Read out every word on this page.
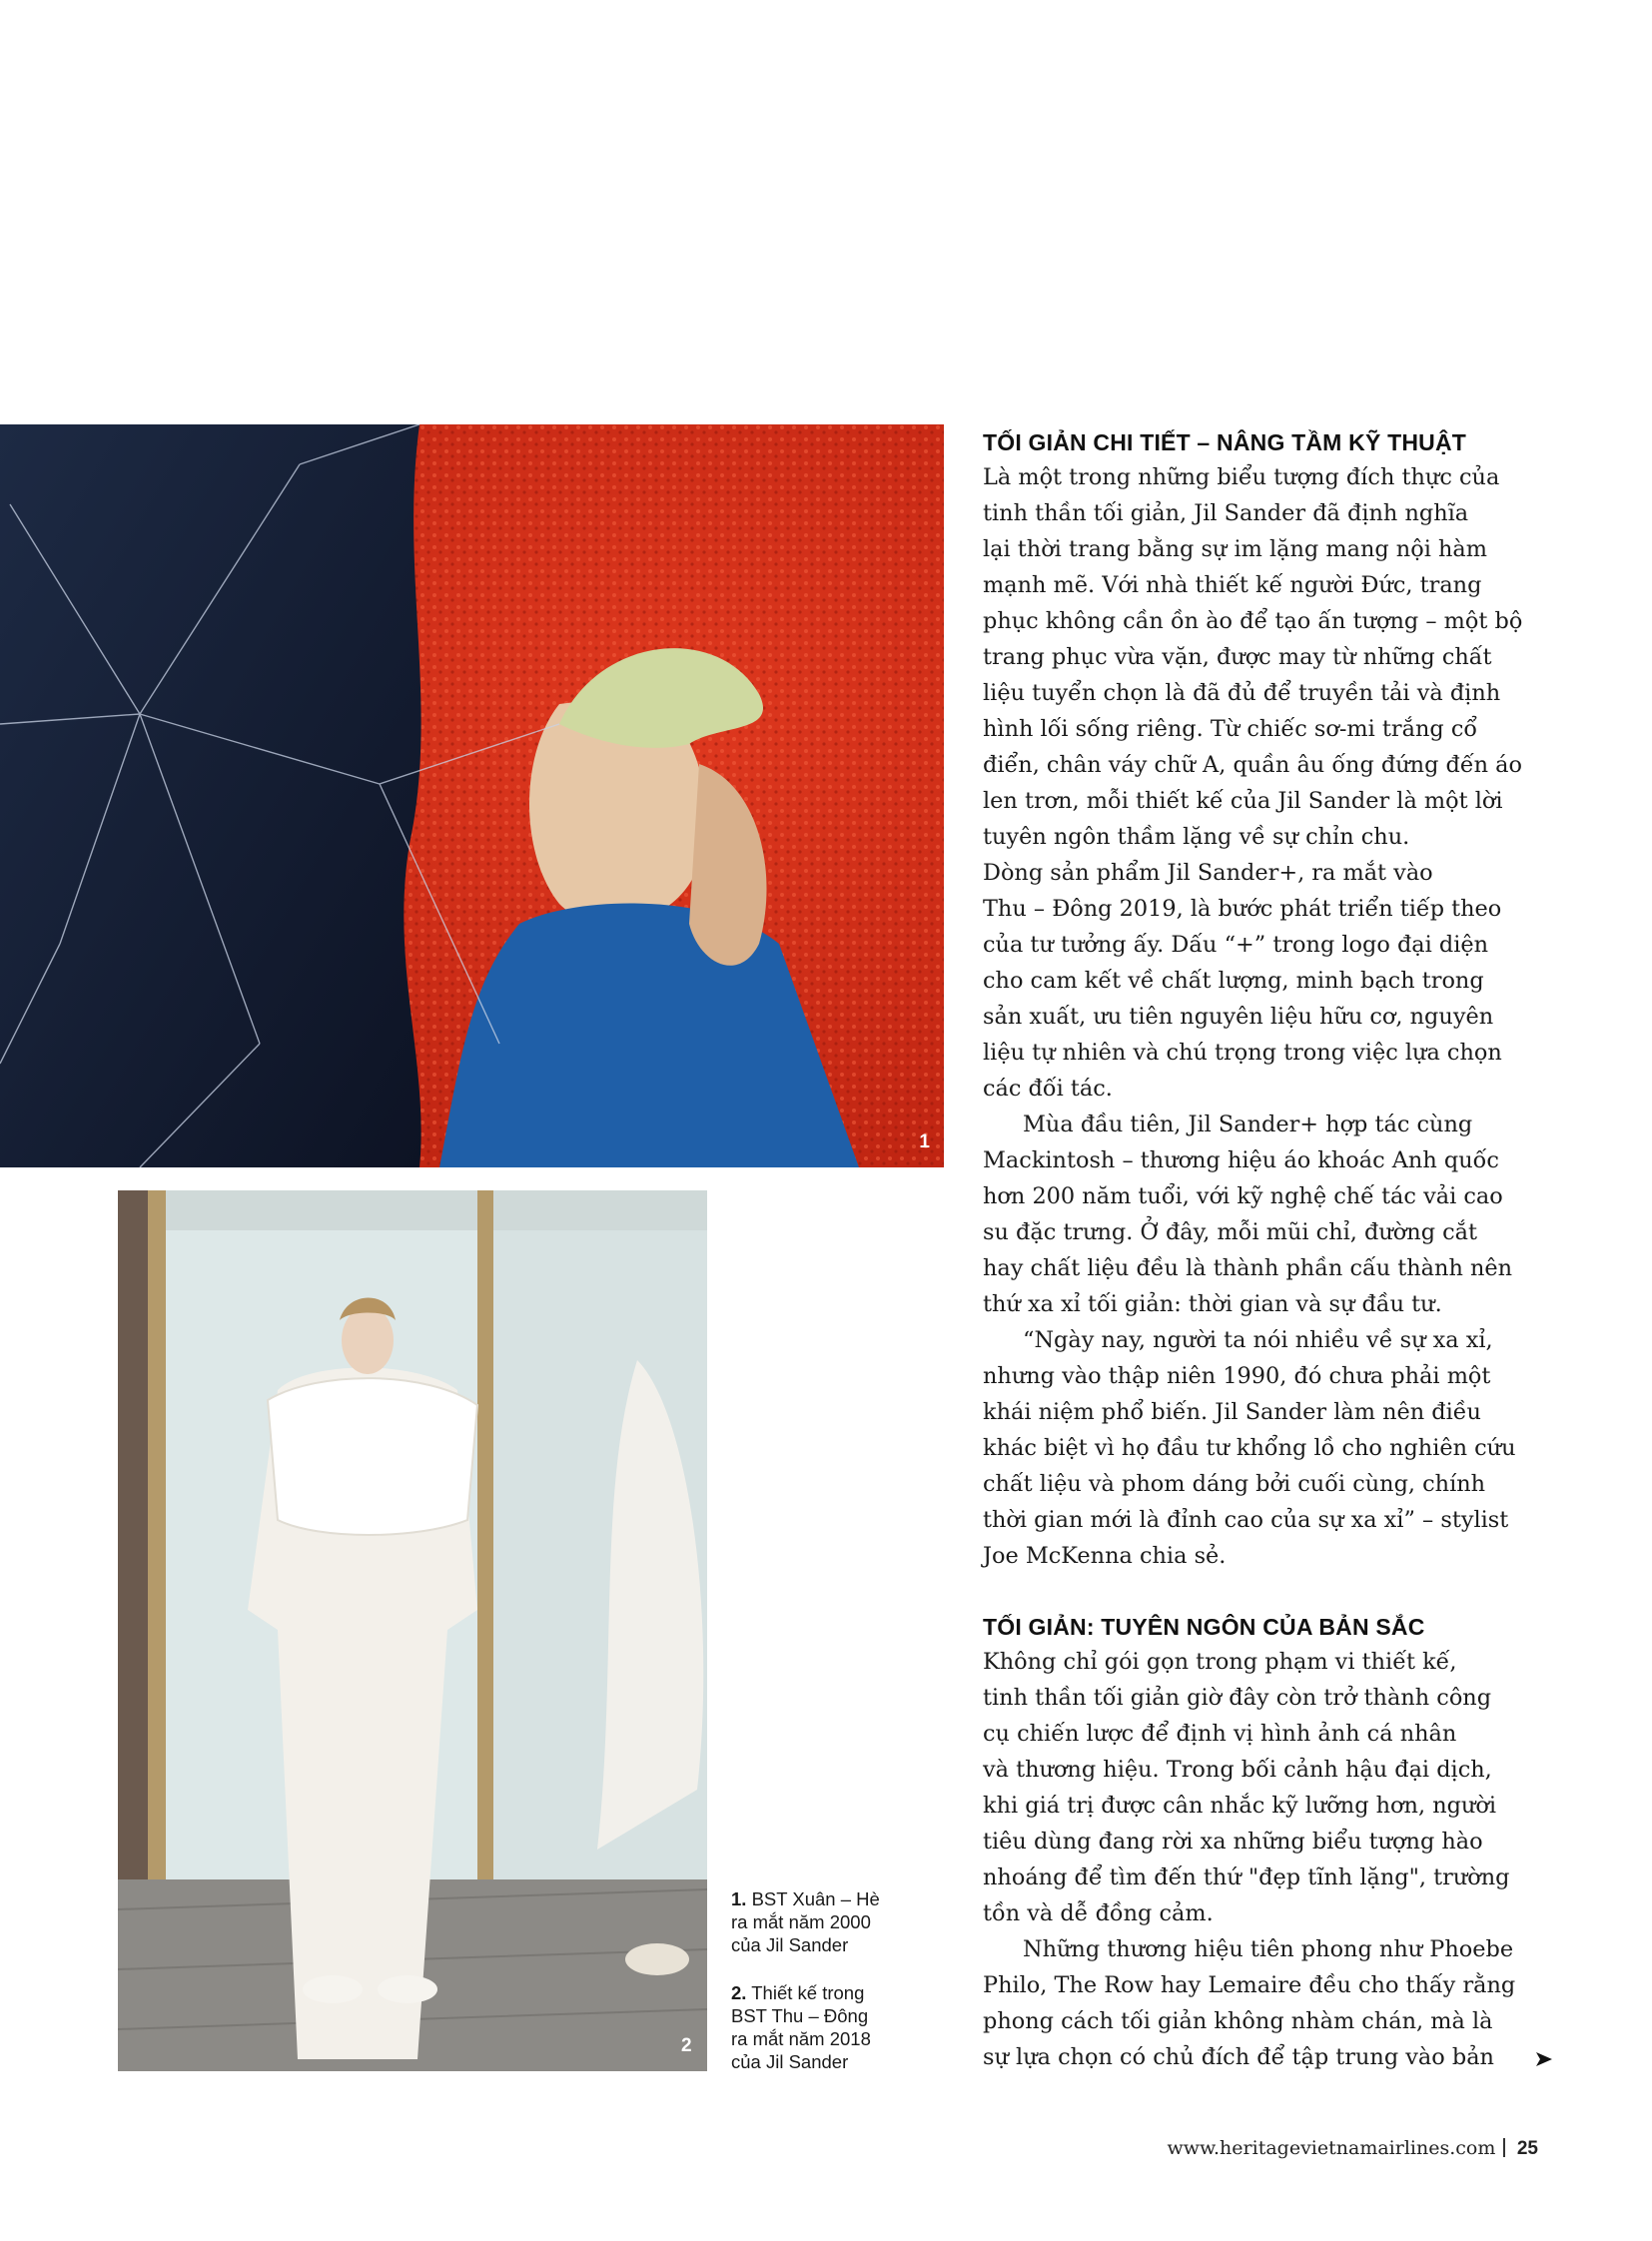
1
2
1. BST Xuân – Hè
ra mắt năm 2000
của Jil Sander
2. Thiết kế trong
BST Thu – Đông
ra mắt năm 2018
của Jil Sander
TỐI GIẢN CHI TIẾT – NÂNG TẦM KỸ THUẬT
Là một trong những biểu tượng đích thực của
tinh thần tối giản, Jil Sander đã định nghĩa
lại thời trang bằng sự im lặng mang nội hàm
mạnh mẽ. Với nhà thiết kế người Đức, trang
phục không cần ồn ào để tạo ấn tượng – một bộ
trang phục vừa vặn, được may từ những chất
liệu tuyển chọn là đã đủ để truyền tải và định
hình lối sống riêng. Từ chiếc sơ-mi trắng cổ
điển, chân váy chữ A, quần âu ống đứng đến áo
len trơn, mỗi thiết kế của Jil Sander là một lời
tuyên ngôn thầm lặng về sự chỉn chu.
Dòng sản phẩm Jil Sander+, ra mắt vào
Thu – Đông 2019, là bước phát triển tiếp theo
của tư tưởng ấy. Dấu “+” trong logo đại diện
cho cam kết về chất lượng, minh bạch trong
sản xuất, ưu tiên nguyên liệu hữu cơ, nguyên
liệu tự nhiên và chú trọng trong việc lựa chọn
các đối tác.
Mùa đầu tiên, Jil Sander+ hợp tác cùng
Mackintosh – thương hiệu áo khoác Anh quốc
hơn 200 năm tuổi, với kỹ nghệ chế tác vải cao
su đặc trưng. Ở đây, mỗi mũi chỉ, đường cắt
hay chất liệu đều là thành phần cấu thành nên
thứ xa xỉ tối giản: thời gian và sự đầu tư.
“Ngày nay, người ta nói nhiều về sự xa xỉ,
nhưng vào thập niên 1990, đó chưa phải một
khái niệm phổ biến. Jil Sander làm nên điều
khác biệt vì họ đầu tư khổng lồ cho nghiên cứu
chất liệu và phom dáng bởi cuối cùng, chính
thời gian mới là đỉnh cao của sự xa xỉ” – stylist
Joe McKenna chia sẻ.
TỐI GIẢN: TUYÊN NGÔN CỦA BẢN SẮC
Không chỉ gói gọn trong phạm vi thiết kế,
tinh thần tối giản giờ đây còn trở thành công
cụ chiến lược để định vị hình ảnh cá nhân
và thương hiệu. Trong bối cảnh hậu đại dịch,
khi giá trị được cân nhắc kỹ lưỡng hơn, người
tiêu dùng đang rời xa những biểu tượng hào
nhoáng để tìm đến thứ "đẹp tĩnh lặng", trường
tồn và dễ đồng cảm.
Những thương hiệu tiên phong như Phoebe
Philo, The Row hay Lemaire đều cho thấy rằng
phong cách tối giản không nhàm chán, mà là
sự lựa chọn có chủ đích để tập trung vào bản
www.heritagevietnamairlines.com 25
